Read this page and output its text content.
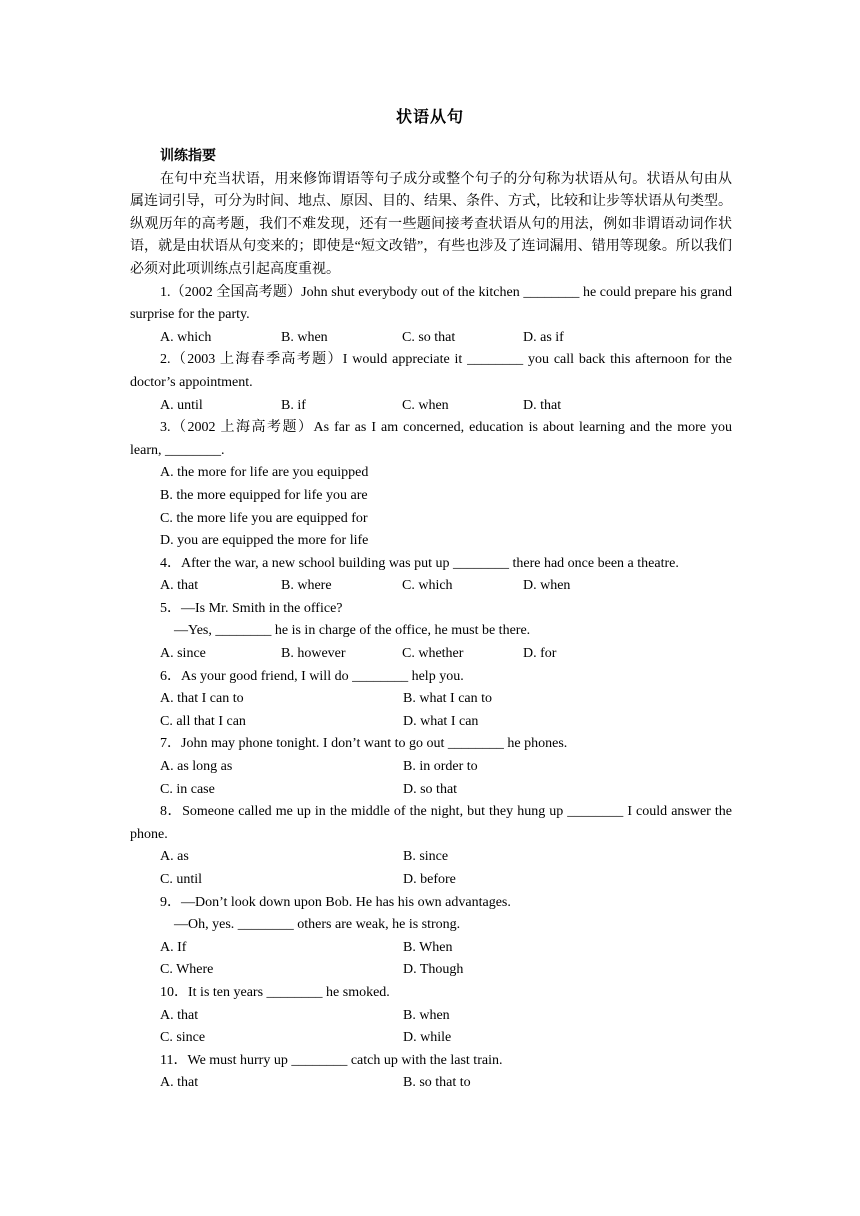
状语从句
训练指要
在句中充当状语，用来修饰谓语等句子成分或整个句子的分句称为状语从句。状语从句由从属连词引导，可分为时间、地点、原因、目的、结果、条件、方式，比较和让步等状语从句类型。纵观历年的高考题，我们不难发现，还有一些题间接考查状语从句的用法，例如非谓语动词作状语，就是由状语从句变来的；即使是“短文改错”，有些也涉及了连词漏用、错用等现象。所以我们必须对此项训练点引起高度重视。
1.（2002 全国高考题）John shut everybody out of the kitchen ________ he could prepare his grand surprise for the party.
A. which	B. when	C. so that	D. as if
2.（2003 上海春季高考题）I would appreciate it ________ you call back this afternoon for the doctor’s appointment.
A. until	B. if	C. when	D. that
3.（2002 上海高考题）As far as I am concerned, education is about learning and the more you learn, ________.
A. the more for life are you equipped
B. the more equipped for life you are
C. the more life you are equipped for
D. you are equipped the more for life
4．After the war, a new school building was put up ________ there had once been a theatre.
A. that	B. where	C. which	D. when
5．—Is Mr. Smith in the office?
—Yes, ________ he is in charge of the office, he must be there.
A. since	B. however	C. whether	D. for
6．As your good friend, I will do ________ help you.
A. that I can to	B. what I can to
C. all that I can	D. what I can
7．John may phone tonight. I don’t want to go out ________ he phones.
A. as long as	B. in order to
C. in case	D. so that
8．Someone called me up in the middle of the night, but they hung up ________ I could answer the phone.
A. as	B. since
C. until	D. before
9．—Don’t look down upon Bob. He has his own advantages.
—Oh, yes. ________ others are weak, he is strong.
A. If	B. When
C. Where	D. Though
10．It is ten years ________ he smoked.
A. that	B. when
C. since	D. while
11．We must hurry up ________ catch up with the last train.
A. that	B. so that to
